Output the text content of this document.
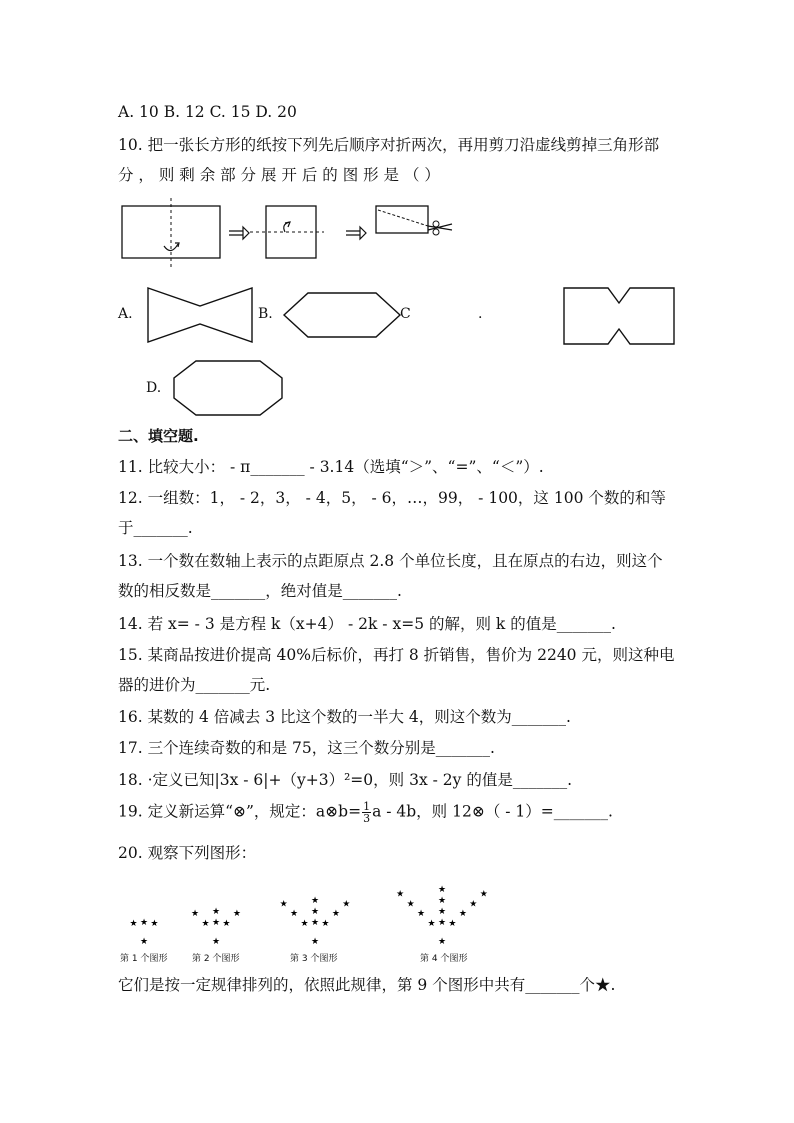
A. 10 B. 12 C. 15 D. 20
10. 把一张长方形的纸按下列先后顺序对折两次，再用剪刀沿虚线剪掉三角形部
分 ， 则 剩 余 部 分 展 开 后 的 图 形 是 （ ）
A.	B.	C	.
D.
二、填空题.
11. 比较大小： - π_______ - 3.14（选填“＞”、“=”、“＜”）.
12. 一组数：1， - 2，3， - 4，5， - 6，…，99， - 100，这 100 个数的和等
于_______.
13. 一个数在数轴上表示的点距原点 2.8 个单位长度，且在原点的右边，则这个
数的相反数是_______，绝对值是_______.
14. 若 x= - 3 是方程 k（x+4） - 2k - x=5 的解，则 k 的值是_______.
15. 某商品按进价提高 40%后标价，再打 8 折销售，售价为 2240 元，则这种电
器的进价为_______元.
16. 某数的 4 倍减去 3 比这个数的一半大 4，则这个数为_______.
17. 三个连续奇数的和是 75，这三个数分别是_______.
18. ·定义已知|3x - 6|+（y+3）²=0，则 3x - 2y 的值是_______.
19. 定义新运算“⊗”，规定：a⊗b= $\frac{1}{3}$ a - 4b，则 12⊗（ - 1）=_______.
20. 观察下列图形：
★
★
★ ★
★
★
★ ★
★
★	★
★
★
★ ★
★
★	★
★
★	★
★
★
★ ★
★
★	★
★
★	★
★
★	★
第 1 个图形	第 2 个图形	第 3 个图形	第 4 个图形
它们是按一定规律排列的，依照此规律，第 9 个图形中共有_______个★.
